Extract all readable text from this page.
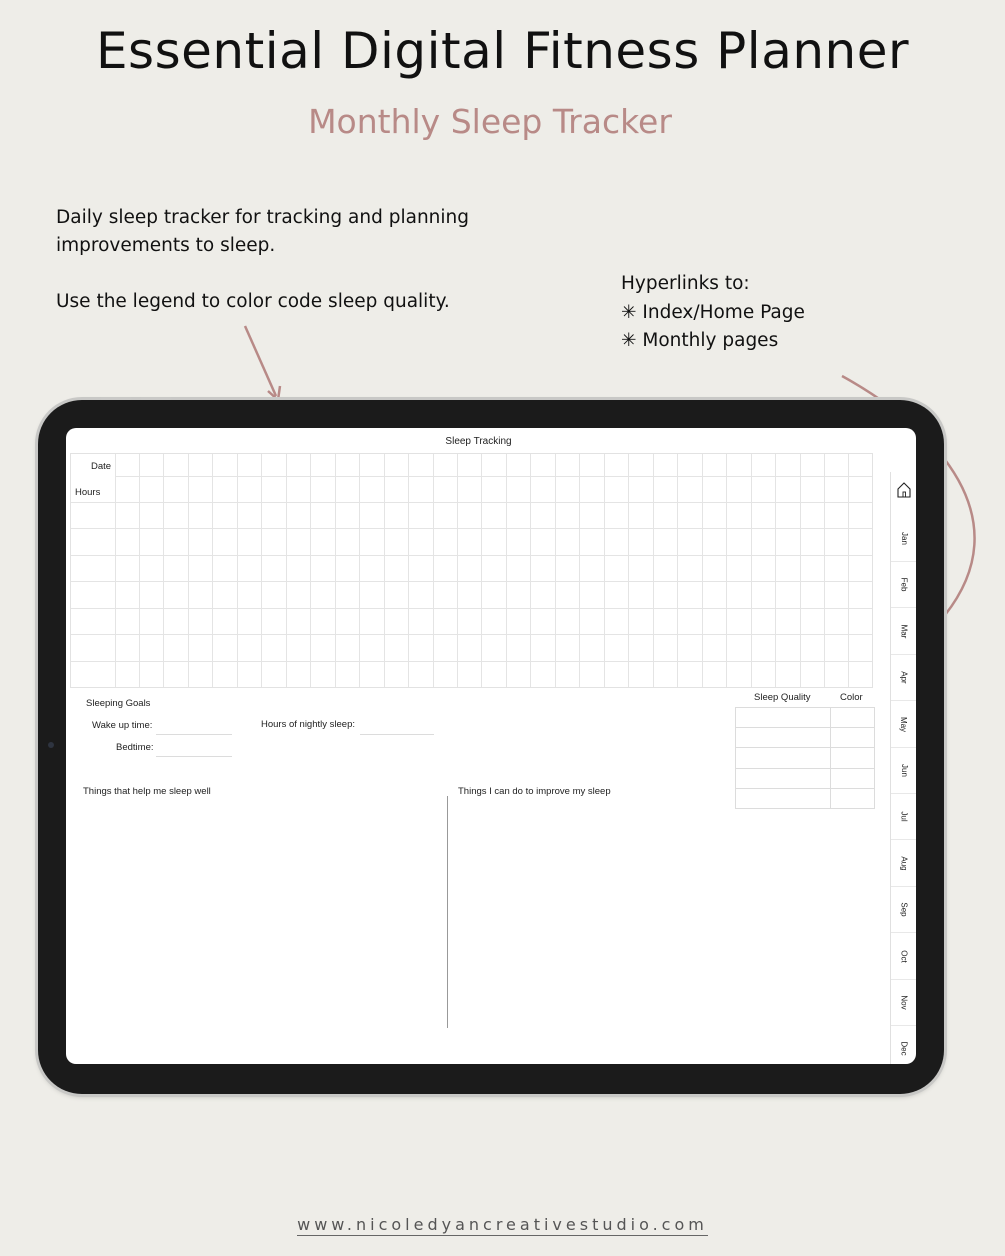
Essential Digital Fitness Planner
Monthly Sleep Tracker

Daily sleep tracker for tracking and planning

improvements to sleep.

Use the legend to color code sleep quality.

Hyperlinks to:
✳ Index/Home Page
✳ Monthly pages
Sleep Tracking
Date
Hours
Sleeping Goals
Wake up time:
Bedtime:
Hours of nightly sleep:
Sleep Quality	Color

Things that help me sleep well	Things I can do to improve my sleep
Jan
Feb
Mar
Apr
May
Jun
Jul
Aug
Sep
Oct
Nov
Dec
www.nicoledyancreativestudio.com
